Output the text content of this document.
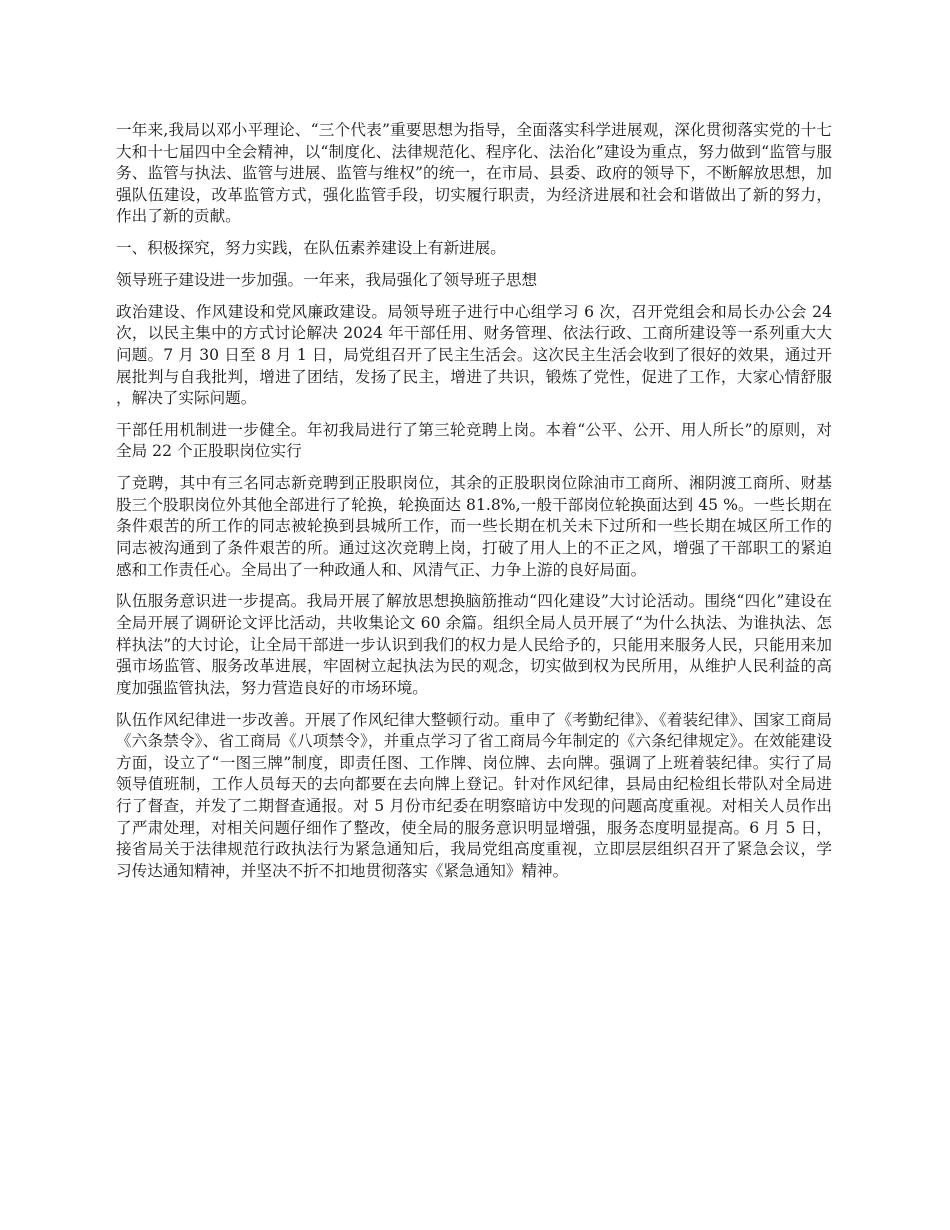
一年来,我局以邓小平理论、“三个代表”重要思想为指导，全面落实科学进展观，深化贯彻落实党的十七大和十七届四中全会精神，以“制度化、法律规范化、程序化、法治化”建设为重点，努力做到“监管与服务、监管与执法、监管与进展、监管与维权”的统一，在市局、县委、政府的领导下，不断解放思想，加强队伍建设，改革监管方式，强化监管手段，切实履行职责，为经济进展和社会和谐做出了新的努力，作出了新的贡献。

一、积极探究，努力实践，在队伍素养建设上有新进展。

领导班子建设进一步加强。一年来，我局强化了领导班子思想

政治建设、作风建设和党风廉政建设。局领导班子进行中心组学习 6 次，召开党组会和局长办公会 24 次，以民主集中的方式讨论解决 2024 年干部任用、财务管理、依法行政、工商所建设等一系列重大大问题。7 月 30 日至 8 月 1 日，局党组召开了民主生活会。这次民主生活会收到了很好的效果，通过开展批判与自我批判，增进了团结，发扬了民主，增进了共识，锻炼了党性，促进了工作，大家心情舒服，解决了实际问题。

干部任用机制进一步健全。年初我局进行了第三轮竞聘上岗。本着“公平、公开、用人所长”的原则，对全局 22 个正股职岗位实行

了竞聘，其中有三名同志新竞聘到正股职岗位，其余的正股职岗位除油市工商所、湘阴渡工商所、财基股三个股职岗位外其他全部进行了轮换，轮换面达 81.8%,一般干部岗位轮换面达到 45 %。一些长期在条件艰苦的所工作的同志被轮换到县城所工作，而一些长期在机关未下过所和一些长期在城区所工作的同志被沟通到了条件艰苦的所。通过这次竞聘上岗，打破了用人上的不正之风，增强了干部职工的紧迫感和工作责任心。全局出了一种政通人和、风清气正、力争上游的良好局面。

队伍服务意识进一步提高。我局开展了解放思想换脑筋推动“四化建设”大讨论活动。围绕“四化”建设在全局开展了调研论文评比活动，共收集论文 60 余篇。组织全局人员开展了“为什么执法、为谁执法、怎样执法”的大讨论，让全局干部进一步认识到我们的权力是人民给予的，只能用来服务人民，只能用来加强市场监管、服务改革进展，牢固树立起执法为民的观念，切实做到权为民所用，从维护人民利益的高度加强监管执法，努力营造良好的市场环境。

队伍作风纪律进一步改善。开展了作风纪律大整顿行动。重申了《考勤纪律》、《着装纪律》、国家工商局《六条禁令》、省工商局《八项禁令》，并重点学习了省工商局今年制定的《六条纪律规定》。在效能建设方面，设立了“一图三牌”制度，即责任图、工作牌、岗位牌、去向牌。强调了上班着装纪律。实行了局领导值班制，工作人员每天的去向都要在去向牌上登记。针对作风纪律，县局由纪检组长带队对全局进行了督查，并发了二期督查通报。对 5 月份市纪委在明察暗访中发现的问题高度重视。对相关人员作出了严肃处理，对相关问题仔细作了整改，使全局的服务意识明显增强，服务态度明显提高。6 月 5 日，接省局关于法律规范行政执法行为紧急通知后，我局党组高度重视，立即层层组织召开了紧急会议，学习传达通知精神，并坚决不折不扣地贯彻落实《紧急通知》精神。
